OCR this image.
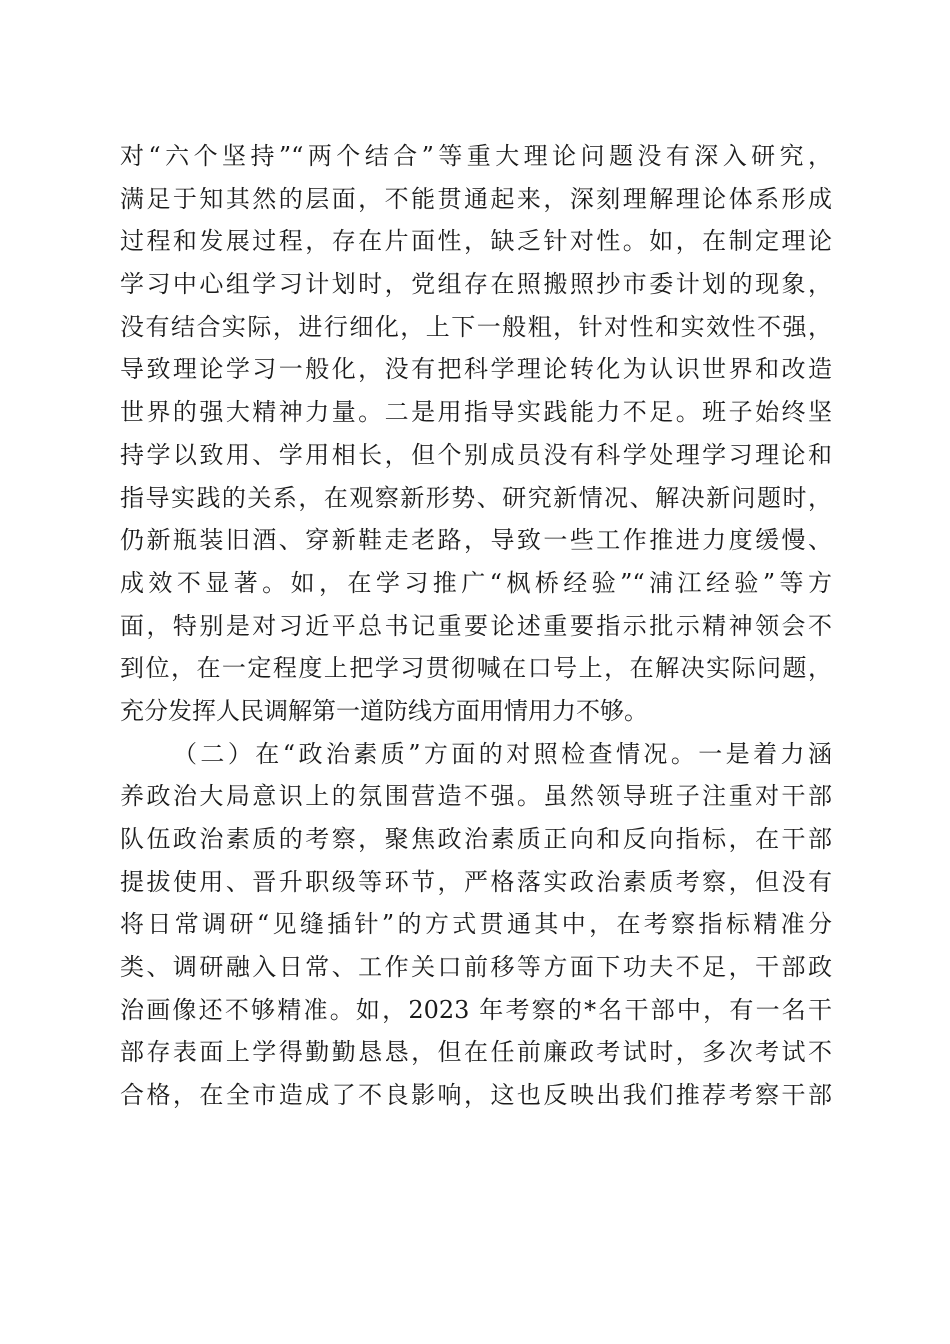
对“六个坚持”“两个结合”等重大理论问题没有深入研究，
满足于知其然的层面，不能贯通起来，深刻理解理论体系形成
过程和发展过程，存在片面性，缺乏针对性。如，在制定理论
学习中心组学习计划时，党组存在照搬照抄市委计划的现象，
没有结合实际，进行细化，上下一般粗，针对性和实效性不强，
导致理论学习一般化，没有把科学理论转化为认识世界和改造
世界的强大精神力量。二是用指导实践能力不足。班子始终坚
持学以致用、学用相长，但个别成员没有科学处理学习理论和
指导实践的关系，在观察新形势、研究新情况、解决新问题时，
仍新瓶装旧酒、穿新鞋走老路，导致一些工作推进力度缓慢、
成效不显著。如，在学习推广“枫桥经验”“浦江经验”等方
面，特别是对习近平总书记重要论述重要指示批示精神领会不
到位，在一定程度上把学习贯彻喊在口号上，在解决实际问题，
充分发挥人民调解第一道防线方面用情用力不够。
（二）在“政治素质”方面的对照检查情况。一是着力涵
养政治大局意识上的氛围营造不强。虽然领导班子注重对干部
队伍政治素质的考察，聚焦政治素质正向和反向指标，在干部
提拔使用、晋升职级等环节，严格落实政治素质考察，但没有
将日常调研“见缝插针”的方式贯通其中，在考察指标精准分
类、调研融入日常、工作关口前移等方面下功夫不足，干部政
治画像还不够精准。如，2023 年考察的*名干部中，有一名干
部存表面上学得勤勤恳恳，但在任前廉政考试时，多次考试不
合格，在全市造成了不良影响，这也反映出我们推荐考察干部
